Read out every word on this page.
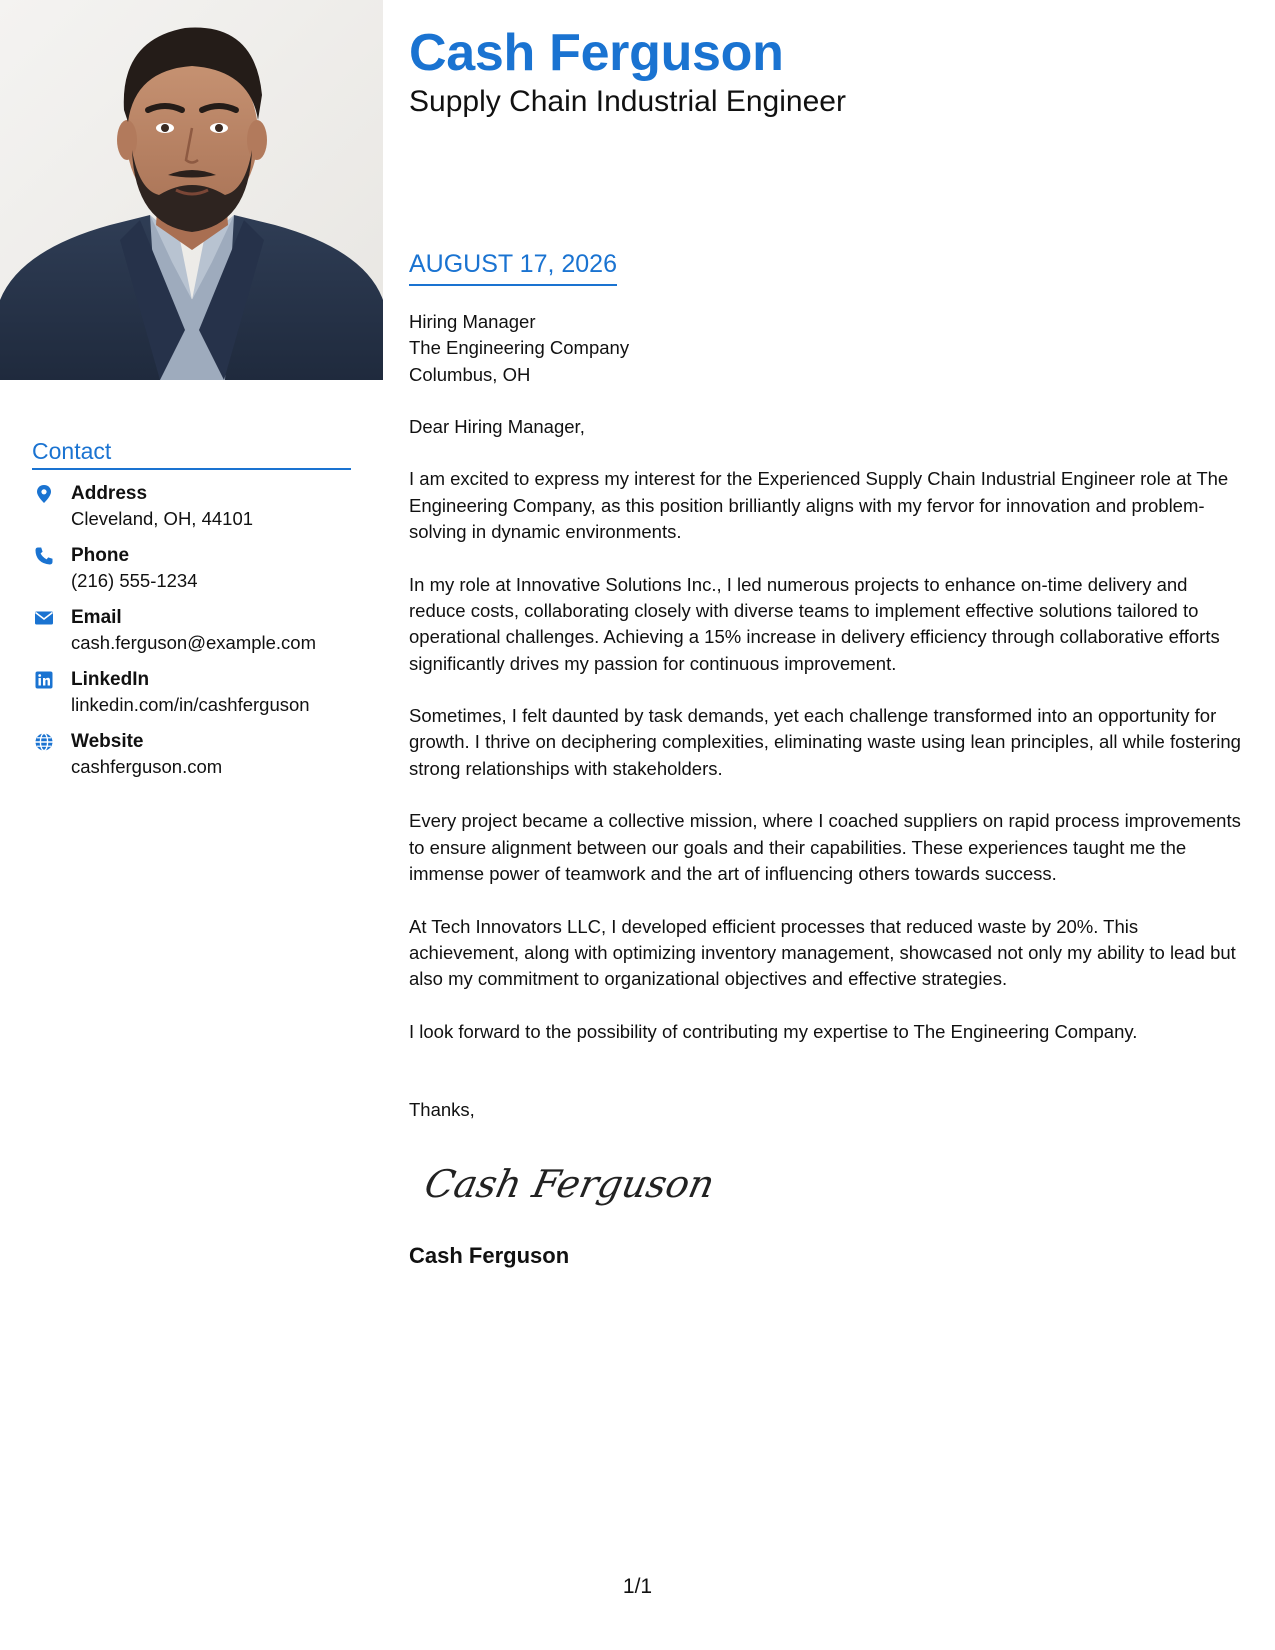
Contact
Address
Cleveland, OH, 44101
Phone
(216) 555-1234
Email
cash.ferguson@example.com
LinkedIn
linkedin.com/in/cashferguson
Website
cashferguson.com
Cash Ferguson
Supply Chain Industrial Engineer
AUGUST 17, 2026
Hiring Manager
The Engineering Company
Columbus, OH

Dear Hiring Manager,

I am excited to express my interest for the Experienced Supply Chain Industrial Engineer role at The Engineering Company, as this position brilliantly aligns with my fervor for innovation and problem-solving in dynamic environments.

In my role at Innovative Solutions Inc., I led numerous projects to enhance on-time delivery and reduce costs, collaborating closely with diverse teams to implement effective solutions tailored to operational challenges. Achieving a 15% increase in delivery efficiency through collaborative efforts significantly drives my passion for continuous improvement.

Sometimes, I felt daunted by task demands, yet each challenge transformed into an opportunity for growth. I thrive on deciphering complexities, eliminating waste using lean principles, all while fostering strong relationships with stakeholders.

Every project became a collective mission, where I coached suppliers on rapid process improvements to ensure alignment between our goals and their capabilities. These experiences taught me the immense power of teamwork and the art of influencing others towards success.

At Tech Innovators LLC, I developed efficient processes that reduced waste by 20%. This achievement, along with optimizing inventory management, showcased not only my ability to lead but also my commitment to organizational objectives and effective strategies.

I look forward to the possibility of contributing my expertise to The Engineering Company.

Thanks,
Cash Ferguson
Cash Ferguson
1/1
